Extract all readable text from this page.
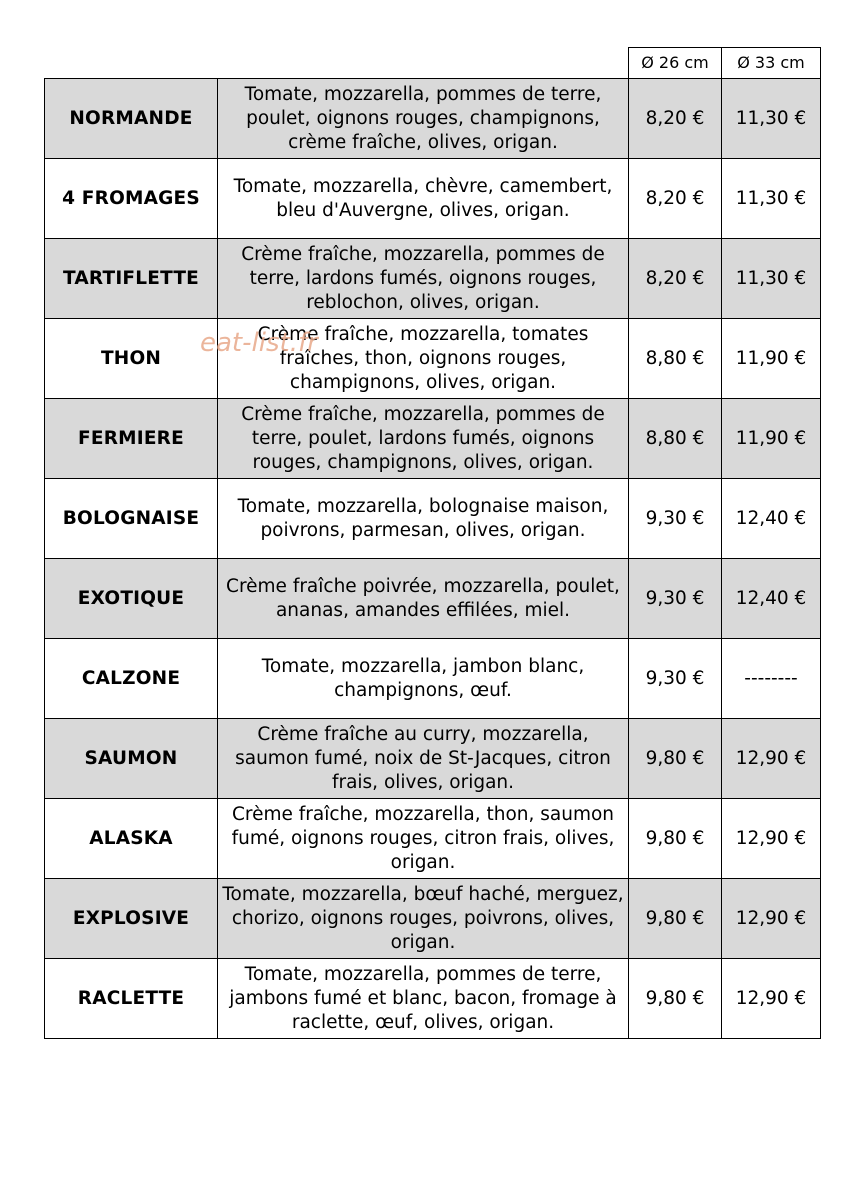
		Ø 26 cm	Ø 33 cm
NORMANDE	Tomate, mozzarella, pommes de terre, poulet, oignons rouges, champignons, crème fraîche, olives, origan.	8,20 €	11,30 €
4 FROMAGES	Tomate, mozzarella, chèvre, camembert, bleu d'Auvergne, olives, origan.	8,20 €	11,30 €
TARTIFLETTE	Crème fraîche, mozzarella, pommes de terre, lardons fumés, oignons rouges, reblochon, olives, origan.	8,20 €	11,30 €
THON	Crème fraîche, mozzarella, tomates fraîches, thon, oignons rouges, champignons, olives, origan.	8,80 €	11,90 €
FERMIERE	Crème fraîche, mozzarella, pommes de terre, poulet, lardons fumés, oignons rouges, champignons, olives, origan.	8,80 €	11,90 €
BOLOGNAISE	Tomate, mozzarella, bolognaise maison, poivrons, parmesan, olives, origan.	9,30 €	12,40 €
EXOTIQUE	Crème fraîche poivrée, mozzarella, poulet, ananas, amandes effilées, miel.	9,30 €	12,40 €
CALZONE	Tomate, mozzarella, jambon blanc, champignons, œuf.	9,30 €	--------
SAUMON	Crème fraîche au curry, mozzarella, saumon fumé, noix de St-Jacques, citron frais, olives, origan.	9,80 €	12,90 €
ALASKA	Crème fraîche, mozzarella, thon, saumon fumé, oignons rouges, citron frais, olives, origan.	9,80 €	12,90 €
EXPLOSIVE	Tomate, mozzarella, bœuf haché, merguez, chorizo, oignons rouges, poivrons, olives, origan.	9,80 €	12,90 €
RACLETTE	Tomate, mozzarella, pommes de terre, jambons fumé et blanc, bacon, fromage à raclette, œuf, olives, origan.	9,80 €	12,90 €
eat-list.fr
